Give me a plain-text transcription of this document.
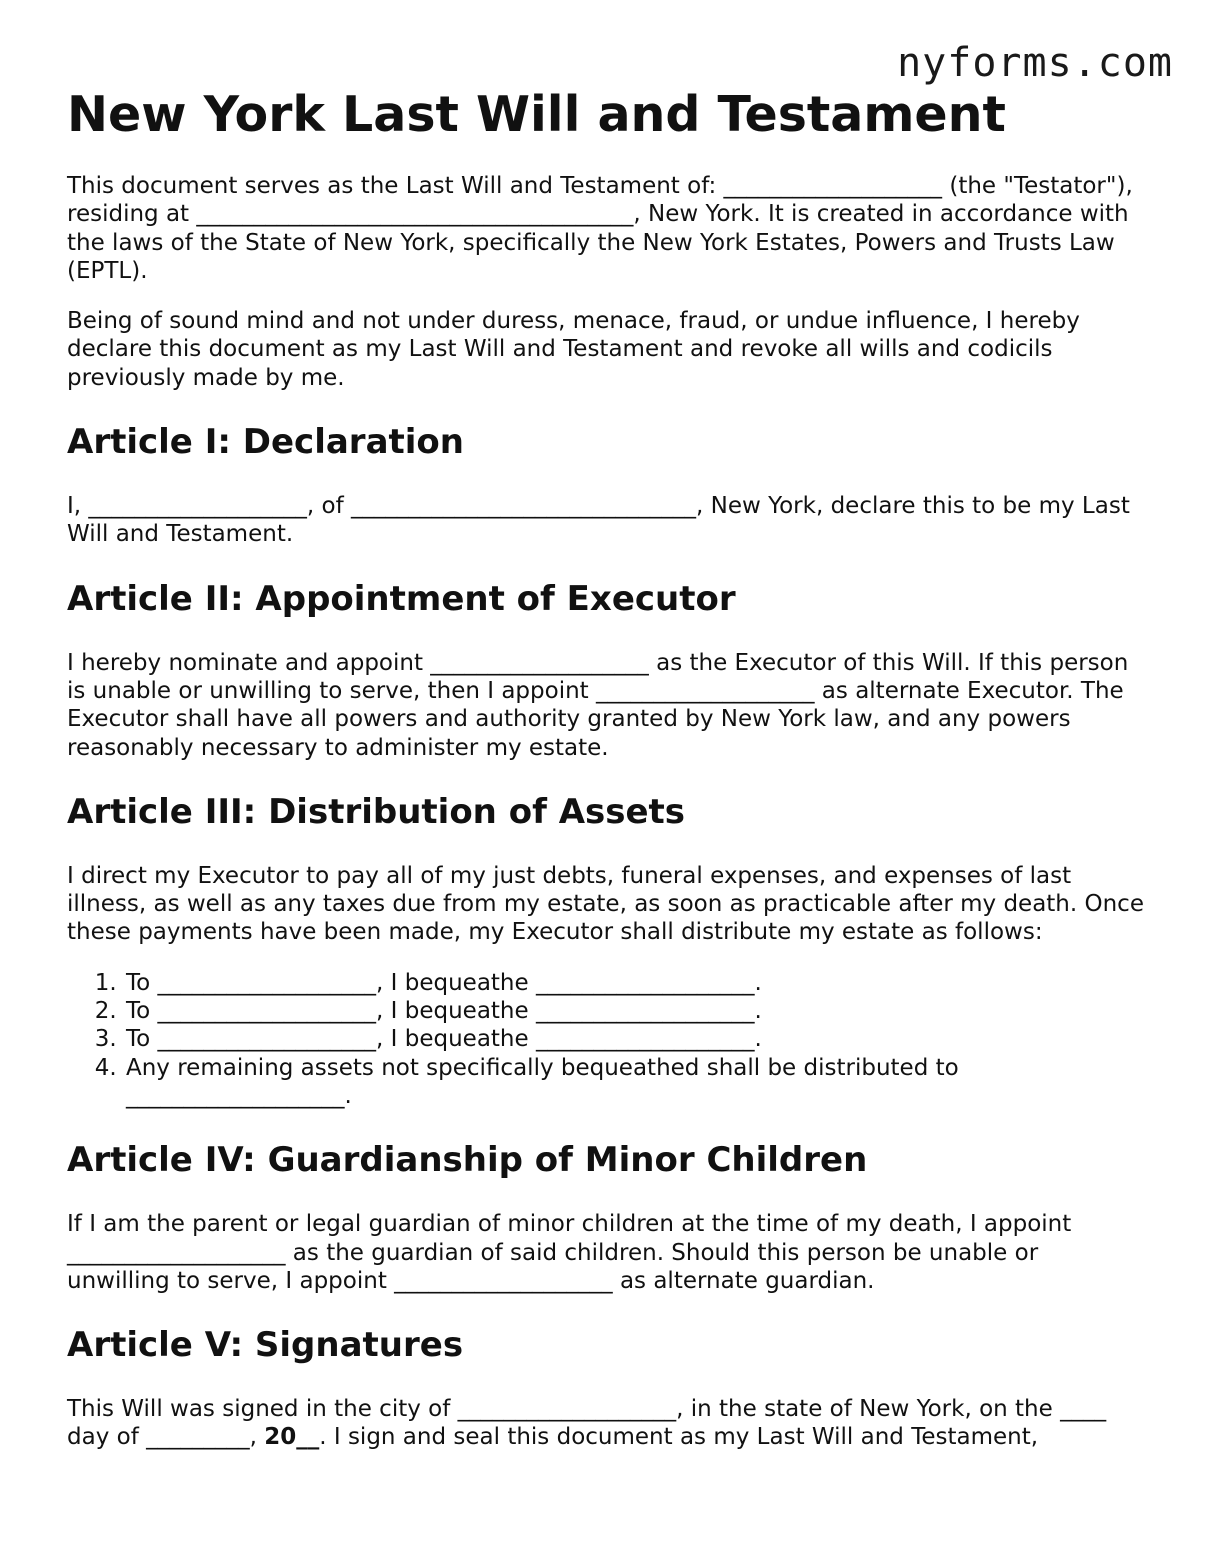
nyforms.com
New York Last Will and Testament

This document serves as the Last Will and Testament of: ___________________ (the "Testator"), residing at ______________________________________, New York. It is created in accordance with the laws of the State of New York, specifically the New York Estates, Powers and Trusts Law (EPTL).

Being of sound mind and not under duress, menace, fraud, or undue influence, I hereby declare this document as my Last Will and Testament and revoke all wills and codicils previously made by me.

Article I: Declaration

I, ___________________, of ______________________________, New York, declare this to be my Last Will and Testament.

Article II: Appointment of Executor

I hereby nominate and appoint ___________________ as the Executor of this Will. If this person is unable or unwilling to serve, then I appoint ___________________ as alternate Executor. The Executor shall have all powers and authority granted by New York law, and any powers reasonably necessary to administer my estate.

Article III: Distribution of Assets

I direct my Executor to pay all of my just debts, funeral expenses, and expenses of last illness, as well as any taxes due from my estate, as soon as practicable after my death. Once these payments have been made, my Executor shall distribute my estate as follows:

1. To ___________________, I bequeathe ___________________.
2. To ___________________, I bequeathe ___________________.
3. To ___________________, I bequeathe ___________________.
4. Any remaining assets not specifically bequeathed shall be distributed to ___________________.
Article IV: Guardianship of Minor Children

If I am the parent or legal guardian of minor children at the time of my death, I appoint ___________________ as the guardian of said children. Should this person be unable or unwilling to serve, I appoint ___________________ as alternate guardian.

Article V: Signatures

This Will was signed in the city of ___________________, in the state of New York, on the ____ day of _________, 20__. I sign and seal this document as my Last Will and Testament,
